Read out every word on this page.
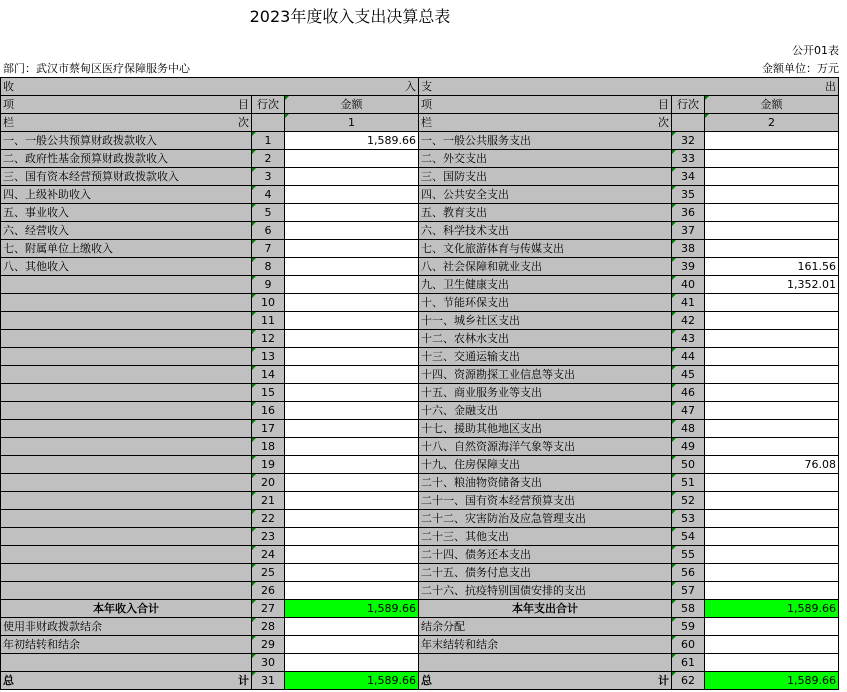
2023年度收入支出决算总表
公开01表
部门：武汉市蔡甸区医疗保障服务中心	金额单位：万元
收 入			支 出		

项 目	行次	金额	项 目	行次	金额

栏 次		1	栏 次		2
一、一般公共预算财政拨款收入	1	1,589.66	一、一般公共服务支出	32	
二、政府性基金预算财政拨款收入	2		二、外交支出	33	
三、国有资本经营预算财政拨款收入	3		三、国防支出	34	
四、上级补助收入	4		四、公共安全支出	35	
五、事业收入	5		五、教育支出	36	
六、经营收入	6		六、科学技术支出	37	
七、附属单位上缴收入	7		七、文化旅游体育与传媒支出	38	
八、其他收入	8		八、社会保障和就业支出	39	161.56
	9		九、卫生健康支出	40	1,352.01
	10		十、节能环保支出	41	
	11		十一、城乡社区支出	42	
	12		十二、农林水支出	43	
	13		十三、交通运输支出	44	
	14		十四、资源勘探工业信息等支出	45	
	15		十五、商业服务业等支出	46	
	16		十六、金融支出	47	
	17		十七、援助其他地区支出	48	
	18		十八、自然资源海洋气象等支出	49	
	19		十九、住房保障支出	50	76.08
	20		二十、粮油物资储备支出	51	
	21		二十一、国有资本经营预算支出	52	
	22		二十二、灾害防治及应急管理支出	53	
	23		二十三、其他支出	54	
	24		二十四、债务还本支出	55	
	25		二十五、债务付息支出	56	
	26		二十六、抗疫特别国债安排的支出	57	
本年收入合计	27	1,589.66	本年支出合计	58	1,589.66
使用非财政拨款结余	28		结余分配	59	
年初结转和结余	29		年末结转和结余	60	
	30			61	

总 计	31	1,589.66	总 计	62	1,589.66
